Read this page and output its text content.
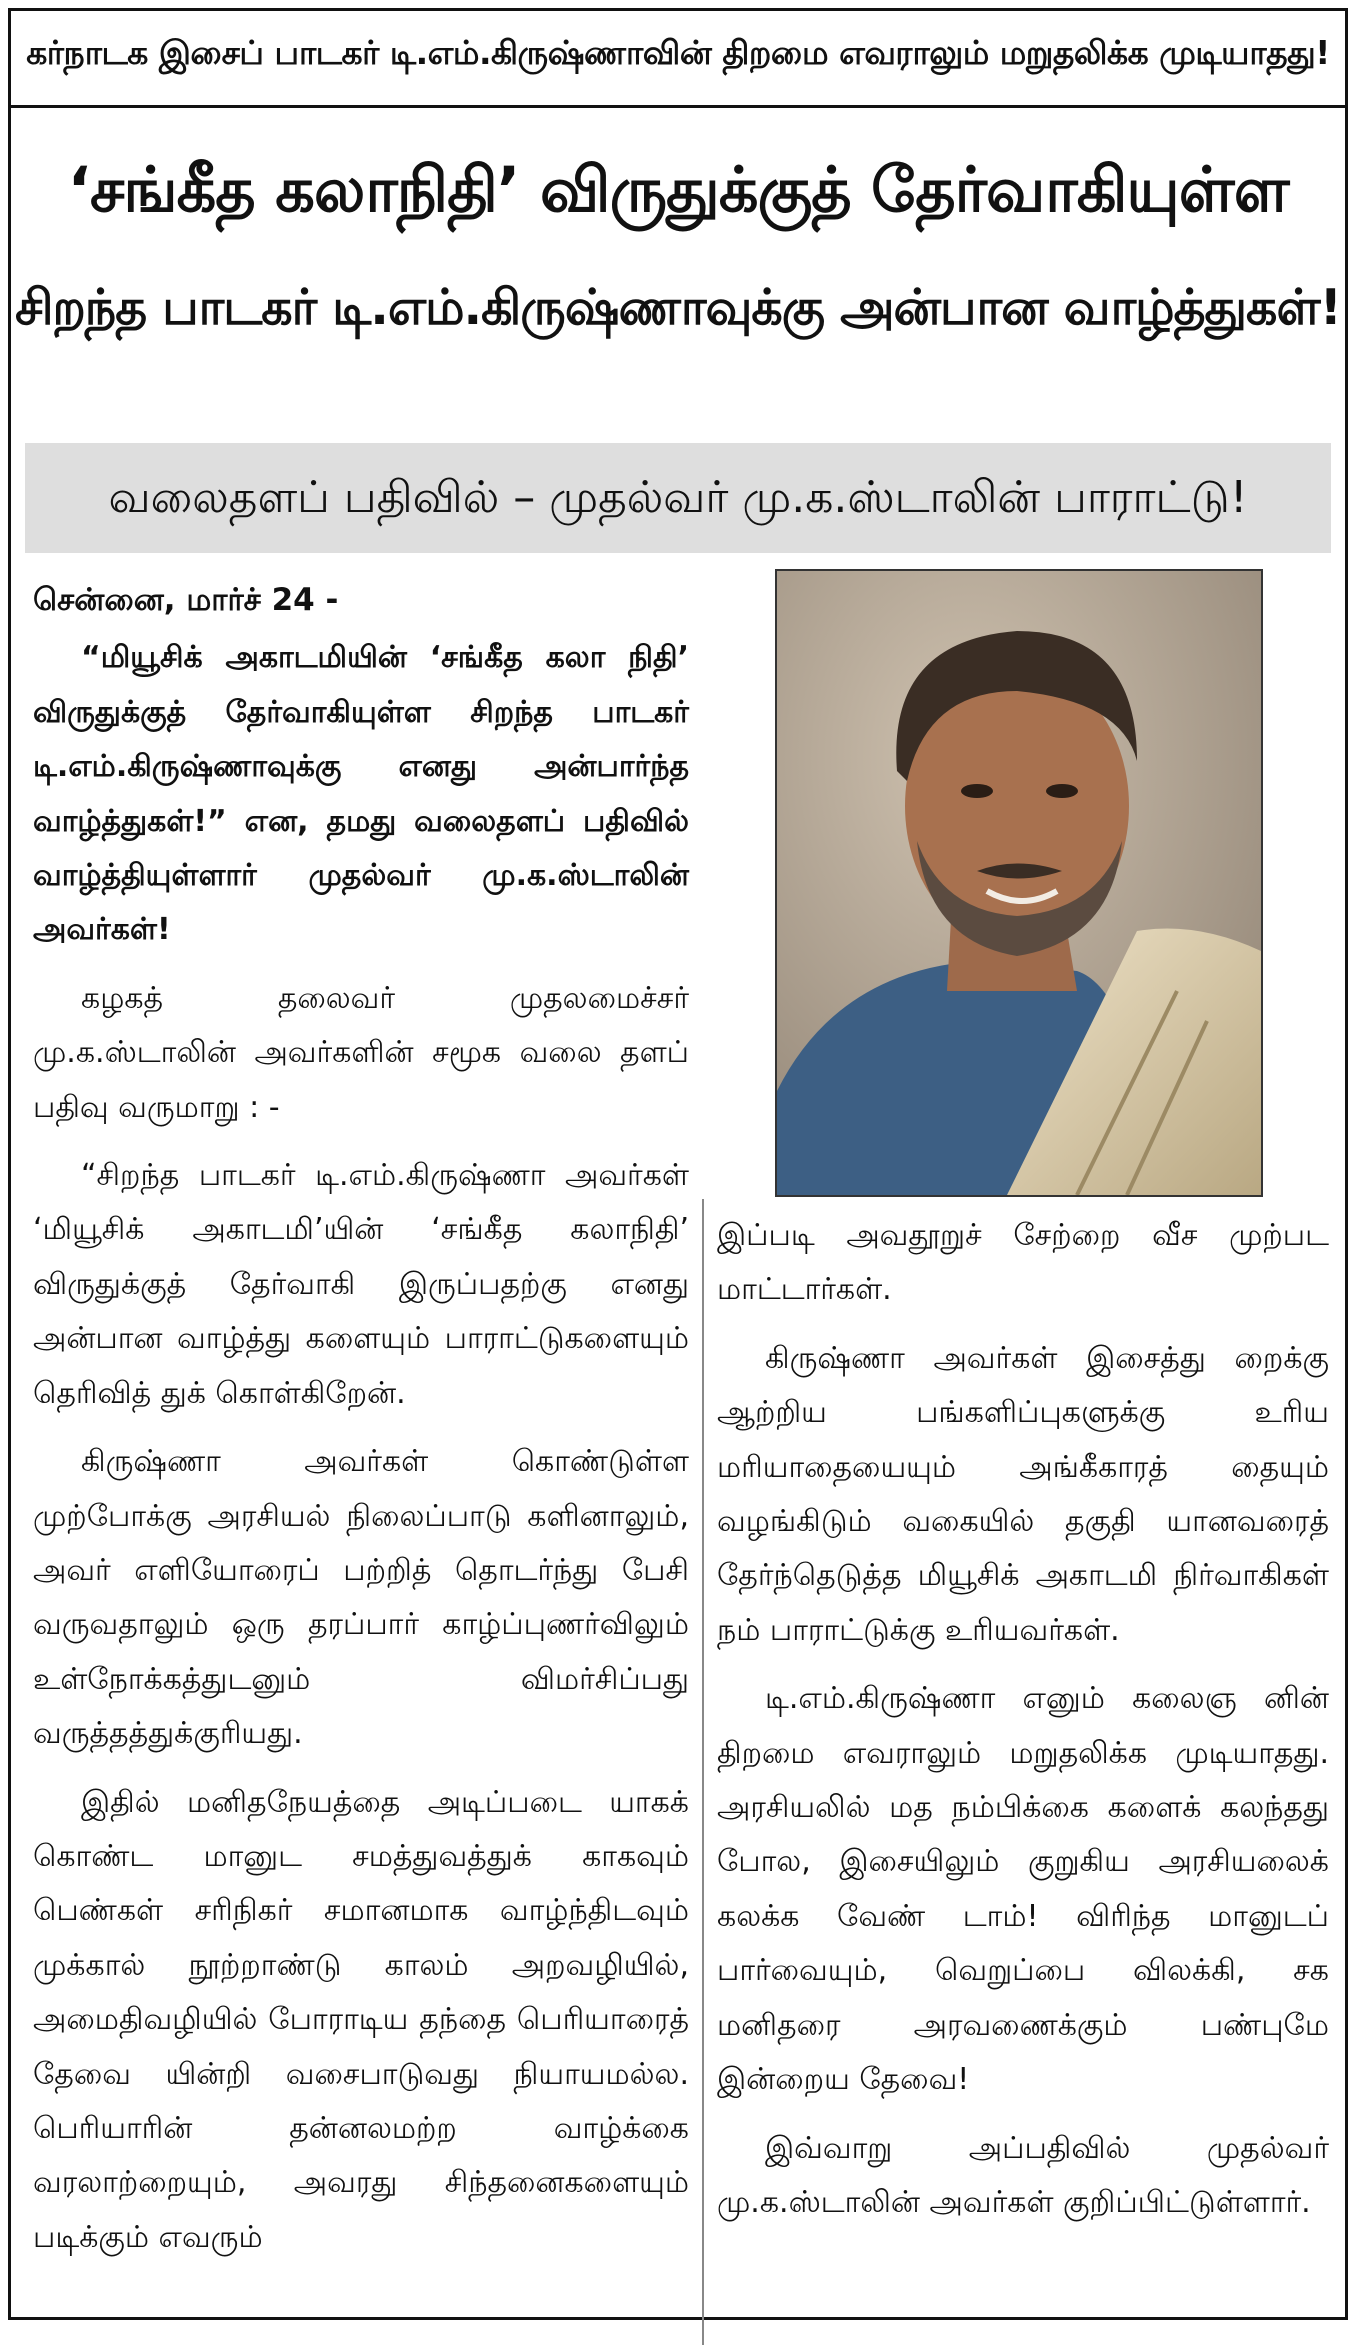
கர்நாடக இசைப் பாடகர் டி.எம்.கிருஷ்ணாவின் திறமை எவராலும் மறுதலிக்க முடியாதது!
‘சங்கீத கலாநிதி’ விருதுக்குத் தேர்வாகியுள்ள
சிறந்த பாடகர் டி.எம்.கிருஷ்ணாவுக்கு அன்பான வாழ்த்துகள்!
வலைதளப் பதிவில் – முதல்வர் மு.க.ஸ்டாலின் பாராட்டு!

சென்னை, மார்ச் 24 -

“மியூசிக் அகாடமியின் ‘சங்கீத கலா நிதி’ விருதுக்குத் தேர்வாகியுள்ள சிறந்த பாடகர் டி.எம்.கிருஷ்ணாவுக்கு எனது அன்பார்ந்த வாழ்த்துகள்!” என, தமது வலைதளப் பதிவில் வாழ்த்தியுள்ளார் முதல்வர் மு.க.ஸ்டாலின் அவர்கள்!

கழகத் தலைவர் முதலமைச்சர் மு.க.ஸ்டாலின் அவர்களின் சமூக வலை தளப் பதிவு வருமாறு : -

“சிறந்த பாடகர் டி.எம்.கிருஷ்ணா அவர்கள் ‘மியூசிக் அகாடமி’யின் ‘சங்கீத கலாநிதி’ விருதுக்குத் தேர்வாகி இருப்பதற்கு எனது அன்பான வாழ்த்து களையும் பாராட்டுகளையும் தெரிவித் துக் கொள்கிறேன்.

கிருஷ்ணா அவர்கள் கொண்டுள்ள முற்போக்கு அரசியல் நிலைப்பாடு களினாலும், அவர் எளியோரைப் பற்றித் தொடர்ந்து பேசி வருவதாலும் ஒரு தரப்பார் காழ்ப்புணர்விலும் உள்நோக்கத்துடனும் விமர்சிப்பது வருத்தத்துக்குரியது.

இதில் மனிதநேயத்தை அடிப்படை யாகக் கொண்ட மானுட சமத்துவத்துக் காகவும் பெண்கள் சரிநிகர் சமானமாக வாழ்ந்திடவும் முக்கால் நூற்றாண்டு காலம் அறவழியில், அமைதிவழியில் போராடிய தந்தை பெரியாரைத் தேவை யின்றி வசைபாடுவது நியாயமல்ல. பெரியாரின் தன்னலமற்ற வாழ்க்கை வரலாற்றையும், அவரது சிந்தனைகளையும் படிக்கும் எவரும்

இப்படி அவதூறுச் சேற்றை வீச முற்பட மாட்டார்கள்.

கிருஷ்ணா அவர்கள் இசைத்து றைக்கு ஆற்றிய பங்களிப்புகளுக்கு உரிய மரியாதையையும் அங்கீகாரத் தையும் வழங்கிடும் வகையில் தகுதி யானவரைத் தேர்ந்தெடுத்த மியூசிக் அகாடமி நிர்வாகிகள் நம் பாராட்டுக்கு உரியவர்கள்.

டி.எம்.கிருஷ்ணா எனும் கலைஞ னின் திறமை எவராலும் மறுதலிக்க முடியாதது. அரசியலில் மத நம்பிக்கை களைக் கலந்தது போல, இசையிலும் குறுகிய அரசியலைக் கலக்க வேண் டாம்! விரிந்த மானுடப் பார்வையும், வெறுப்பை விலக்கி, சக மனிதரை அரவணைக்கும் பண்புமே இன்றைய தேவை!

இவ்வாறு அப்பதிவில் முதல்வர் மு.க.ஸ்டாலின் அவர்கள் குறிப்பிட்டுள்ளார்.
